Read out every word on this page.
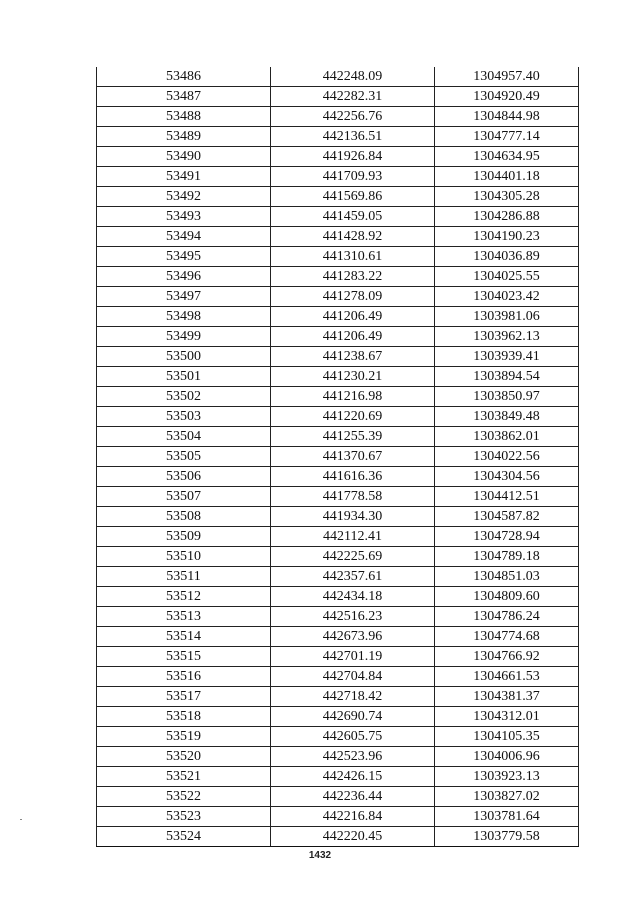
53486	442248.09	1304957.40
53487	442282.31	1304920.49
53488	442256.76	1304844.98
53489	442136.51	1304777.14
53490	441926.84	1304634.95
53491	441709.93	1304401.18
53492	441569.86	1304305.28
53493	441459.05	1304286.88
53494	441428.92	1304190.23
53495	441310.61	1304036.89
53496	441283.22	1304025.55
53497	441278.09	1304023.42
53498	441206.49	1303981.06
53499	441206.49	1303962.13
53500	441238.67	1303939.41
53501	441230.21	1303894.54
53502	441216.98	1303850.97
53503	441220.69	1303849.48
53504	441255.39	1303862.01
53505	441370.67	1304022.56
53506	441616.36	1304304.56
53507	441778.58	1304412.51
53508	441934.30	1304587.82
53509	442112.41	1304728.94
53510	442225.69	1304789.18
53511	442357.61	1304851.03
53512	442434.18	1304809.60
53513	442516.23	1304786.24
53514	442673.96	1304774.68
53515	442701.19	1304766.92
53516	442704.84	1304661.53
53517	442718.42	1304381.37
53518	442690.74	1304312.01
53519	442605.75	1304105.35
53520	442523.96	1304006.96
53521	442426.15	1303923.13
53522	442236.44	1303827.02
53523	442216.84	1303781.64
53524	442220.45	1303779.58
1432
